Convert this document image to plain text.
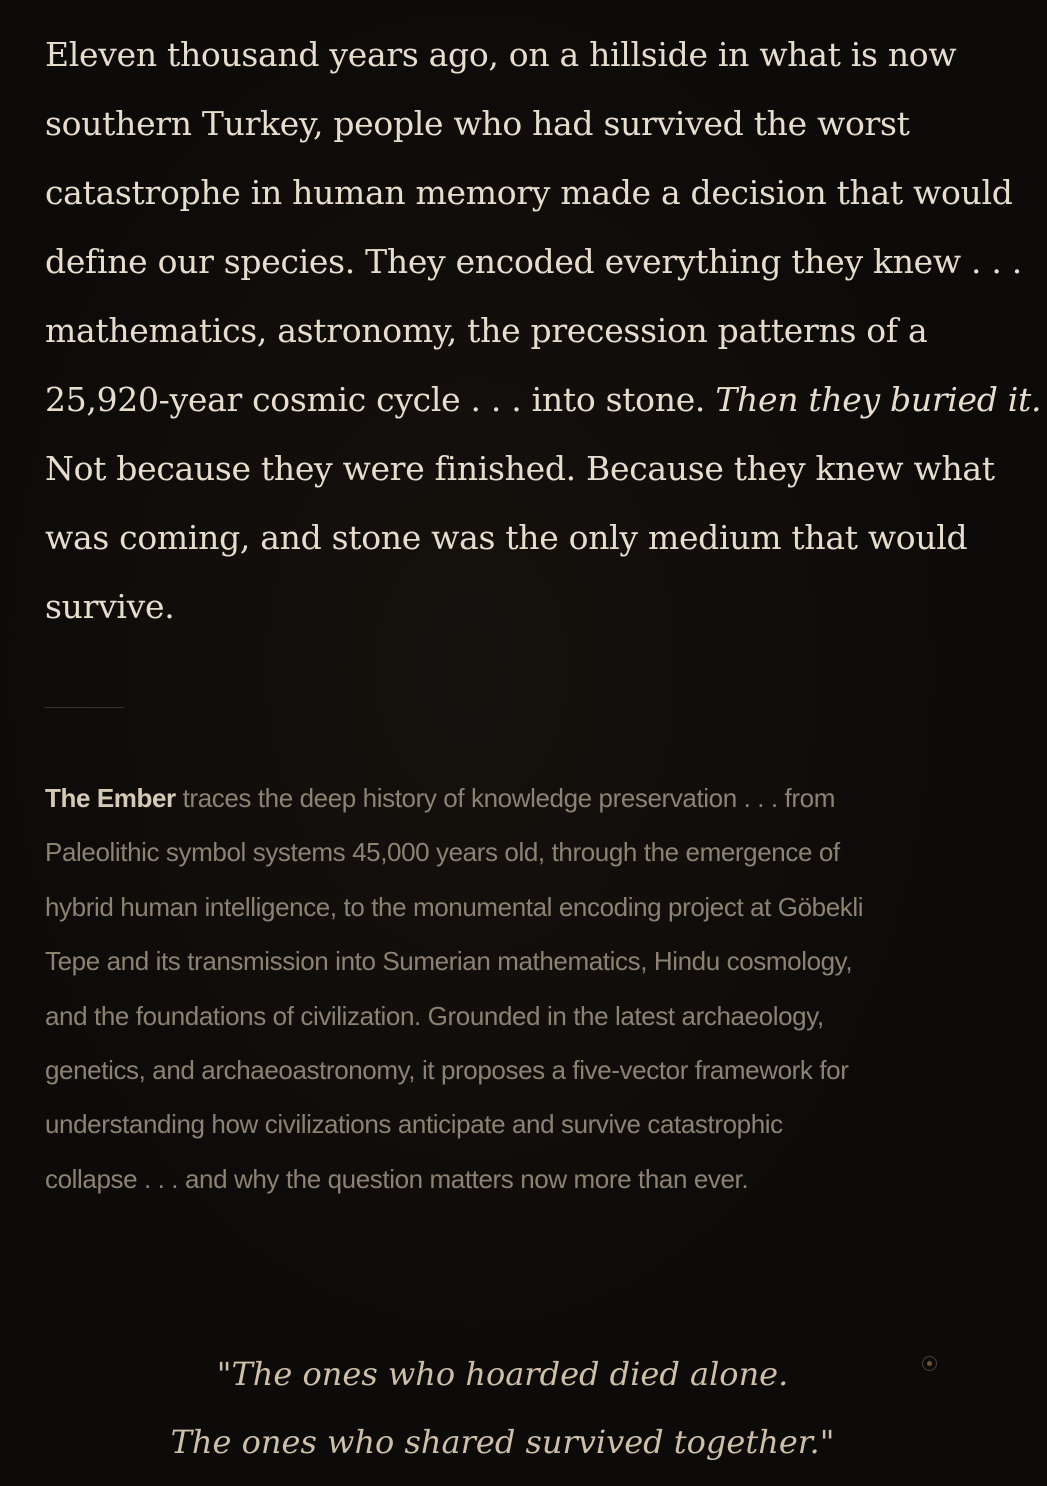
Eleven thousand years ago, on a hillside in what is now
southern Turkey, people who had survived the worst
catastrophe in human memory made a decision that would
define our species. They encoded everything they knew . . .
mathematics, astronomy, the precession patterns of a
25,920-year cosmic cycle . . . into stone. Then they buried it.
Not because they were finished. Because they knew what
was coming, and stone was the only medium that would
survive.
The Ember traces the deep history of knowledge preservation . . . from
Paleolithic symbol systems 45,000 years old, through the emergence of
hybrid human intelligence, to the monumental encoding project at Göbekli
Tepe and its transmission into Sumerian mathematics, Hindu cosmology,
and the foundations of civilization. Grounded in the latest archaeology,
genetics, and archaeoastronomy, it proposes a five-vector framework for
understanding how civilizations anticipate and survive catastrophic
collapse . . . and why the question matters now more than ever.
"The ones who hoarded died alone.
The ones who shared survived together."
